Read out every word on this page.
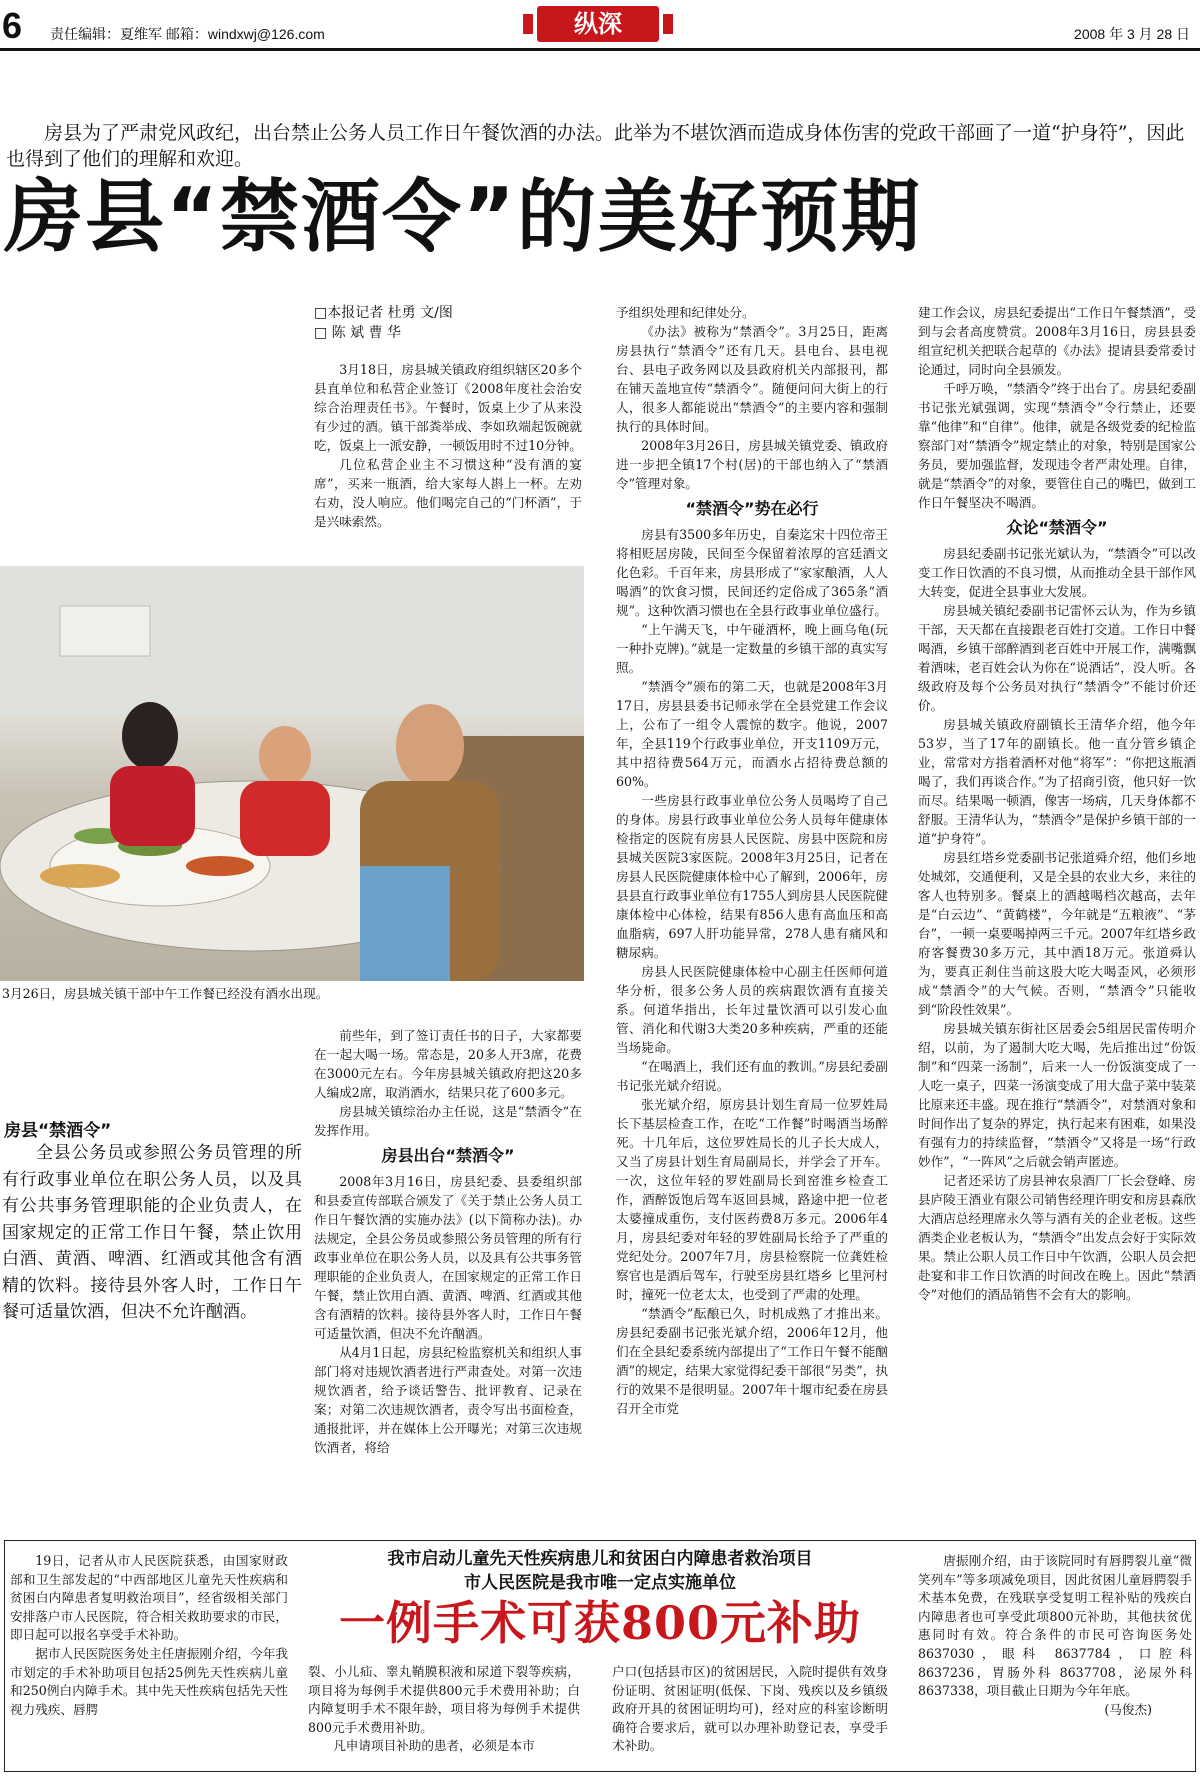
6 责任编辑：夏维军 邮箱：windxwj@126.com	纵深	2008 年 3 月 28 日
房县为了严肃党风政纪，出台禁止公务人员工作日午餐饮酒的办法。此举为不堪饮酒而造成身体伤害的党政干部画了一道“护身符”，因此也得到了他们的理解和欢迎。
房县“禁酒令”的美好预期
□本报记者 杜勇 文/图
□ 陈 斌 曹 华

3月18日，房县城关镇政府组织辖区20多个县直单位和私营企业签订《2008年度社会治安综合治理责任书》。午餐时，饭桌上少了从来没有少过的酒。镇干部粪举成、李如玖端起饭碗就吃，饭桌上一派安静，一顿饭用时不过10分钟。

几位私营企业主不习惯这种“没有酒的宴席”，买来一瓶酒，给大家每人斟上一杯。左劝右劝，没人响应。他们喝完自己的“门杯酒”，于是兴味索然。

3月26日，房县城关镇干部中午工作餐已经没有酒水出现。
房县“禁酒令”
全县公务员或参照公务员管理的所有行政事业单位在职公务人员，以及具有公共事务管理职能的企业负责人，在国家规定的正常工作日午餐，禁止饮用白酒、黄酒、啤酒、红酒或其他含有酒精的饮料。接待县外客人时，工作日午餐可适量饮酒，但决不允许酗酒。

前些年，到了签订责任书的日子，大家都要在一起大喝一场。常态是，20多人开3席，花费在3000元左右。今年房县城关镇政府把这20多人编成2席，取消酒水，结果只花了600多元。

房县城关镇综治办主任说，这是“禁酒令”在发挥作用。

房县出台“禁酒令”

2008年3月16日，房县纪委、县委组织部和县委宣传部联合颁发了《关于禁止公务人员工作日午餐饮酒的实施办法》(以下简称办法)。办法规定，全县公务员或参照公务员管理的所有行政事业单位在职公务人员，以及具有公共事务管理职能的企业负责人，在国家规定的正常工作日午餐，禁止饮用白酒、黄酒、啤酒、红酒或其他含有酒精的饮料。接待县外客人时，工作日午餐可适量饮酒，但决不允许酗酒。

从4月1日起，房县纪检监察机关和组织人事部门将对违规饮酒者进行严肃查处。对第一次违规饮酒者，给予谈话警告、批评教育、记录在案；对第二次违规饮酒者，责令写出书面检查，通报批评，并在媒体上公开曝光；对第三次违规饮酒者，将给

予组织处理和纪律处分。

《办法》被称为“禁酒令”。3月25日，距离房县执行“禁酒令”还有几天。县电台、县电视台、县电子政务网以及县政府机关内部报刊，都在铺天盖地宣传“禁酒令”。随便问问大街上的行人，很多人都能说出“禁酒令”的主要内容和强制执行的具体时间。

2008年3月26日，房县城关镇党委、镇政府进一步把全镇17个村(居)的干部也纳入了“禁酒令”管理对象。

“禁酒令”势在必行

房县有3500多年历史，自秦迄宋十四位帝王将相贬居房陵，民间至今保留着浓厚的宫廷酒文化色彩。千百年来，房县形成了“家家酿酒，人人喝酒”的饮食习惯，民间还约定俗成了365条“酒规”。这种饮酒习惯也在全县行政事业单位盛行。

“上午满天飞，中午碰酒杯，晚上画乌龟(玩一种扑克牌)。”就是一定数量的乡镇干部的真实写照。

“禁酒令”颁布的第二天，也就是2008年3月17日，房县县委书记师永学在全县党建工作会议上，公布了一组令人震惊的数字。他说，2007年，全县119个行政事业单位，开支1109万元，其中招待费564万元，而酒水占招待费总额的60%。

一些房县行政事业单位公务人员喝垮了自己的身体。房县行政事业单位公务人员每年健康体检指定的医院有房县人民医院、房县中医院和房县城关医院3家医院。2008年3月25日，记者在房县人民医院健康体检中心了解到，2006年，房县县直行政事业单位有1755人到房县人民医院健康体检中心体检，结果有856人患有高血压和高血脂病，697人肝功能异常，278人患有痛风和糖尿病。

房县人民医院健康体检中心副主任医师何道华分析，很多公务人员的疾病跟饮酒有直接关系。何道华指出，长年过量饮酒可以引发心血管、消化和代谢3大类20多种疾病，严重的还能当场毙命。

“在喝酒上，我们还有血的教训。”房县纪委副书记张光斌介绍说。

张光斌介绍，原房县计划生育局一位罗姓局长下基层检查工作，在吃“工作餐”时喝酒当场醉死。十几年后，这位罗姓局长的儿子长大成人，又当了房县计划生育局副局长，并学会了开车。一次，这位年轻的罗姓副局长到窑淮乡检查工作，酒醉饭饱后驾车返回县城，路途中把一位老太婆撞成重伤，支付医药费8万多元。2006年4月，房县纪委对年轻的罗姓副局长给予了严重的党纪处分。2007年7月，房县检察院一位龚姓检察官也是酒后驾车，行驶至房县红塔乡 匕里河村时，撞死一位老太太，也受到了严肃的处理。

“禁酒令”酝酿已久，时机成熟了才推出来。房县纪委副书记张光斌介绍，2006年12月，他们在全县纪委系统内部提出了“工作日午餐不能酗酒”的规定，结果大家觉得纪委干部很“另类”，执行的效果不是很明显。2007年十堰市纪委在房县召开全市党

建工作会议，房县纪委提出“工作日午餐禁酒”，受到与会者高度赞赏。2008年3月16日，房县县委组宣纪机关把联合起草的《办法》提请县委常委讨论通过，同时向全县颁发。

千呼万唤，“禁酒令”终于出台了。房县纪委副书记张光斌强调，实现“禁酒令”令行禁止，还要靠“他律”和“自律”。他律，就是各级党委的纪检监察部门对“禁酒令”规定禁止的对象，特别是国家公务员，要加强监督，发现违令者严肃处理。自律，就是“禁酒令”的对象，要管住自己的嘴巴，做到工作日午餐坚决不喝酒。

众论“禁酒令”

房县纪委副书记张光斌认为，“禁酒令”可以改变工作日饮酒的不良习惯，从而推动全县干部作风大转变，促进全县事业大发展。

房县城关镇纪委副书记雷怀云认为，作为乡镇干部，天天都在直接跟老百姓打交道。工作日中餐喝酒，乡镇干部醉酒到老百姓中开展工作，满嘴飘着酒味，老百姓会认为你在“说酒话”，没人听。各级政府及每个公务员对执行“禁酒令”不能讨价还价。

房县城关镇政府副镇长王清华介绍，他今年53岁，当了17年的副镇长。他一直分管乡镇企业，常常对方指着酒杯对他“将军”：“你把这瓶酒喝了，我们再谈合作。”为了招商引资，他只好一饮而尽。结果喝一顿酒，像害一场病，几天身体都不舒服。王清华认为，“禁酒令”是保护乡镇干部的一道“护身符”。

房县红塔乡党委副书记张道舜介绍，他们乡地处城郊，交通便利，又是全县的农业大乡，来往的客人也特别多。餐桌上的酒越喝档次越高，去年是“白云边”、“黄鹤楼”，今年就是“五粮液”、“茅台”，一顿一桌要喝掉两三千元。2007年红塔乡政府客餐费30多万元，其中酒18万元。张道舜认为，要真正刹住当前这股大吃大喝歪风，必须形成“禁酒令”的大气候。否则，“禁酒令”只能收到“阶段性效果”。

房县城关镇东街社区居委会5组居民雷传明介绍，以前，为了遏制大吃大喝，先后推出过“份饭制”和“四菜一汤制”，后来一人一份饭演变成了一人吃一桌子，四菜一汤演变成了用大盘子菜中装菜比原来还丰盛。现在推行“禁酒令”，对禁酒对象和时间作出了复杂的界定，执行起来有困难，如果没有强有力的持续监督，“禁酒令”又将是一场“行政妙作”，“一阵风”之后就会销声匿迹。

记者还采访了房县神农泉酒厂厂长会登峰、房县庐陵王酒业有限公司销售经理许明安和房县森欣大酒店总经理席永久等与酒有关的企业老板。这些酒类企业老板认为，“禁酒令”出发点会好于实际效果。禁止公职人员工作日中午饮酒，公职人员会把赴宴和非工作日饮酒的时间改在晚上。因此“禁酒令”对他们的酒品销售不会有大的影响。

我市启动儿童先天性疾病患儿和贫困白内障患者救治项目
市人民医院是我市唯一定点实施单位
一例手术可获800元补助

19日，记者从市人民医院获悉，由国家财政部和卫生部发起的“中西部地区儿童先天性疾病和贫困白内障患者复明救治项目”，经省级相关部门安排落户市人民医院，符合相关救助要求的市民，即日起可以报名享受手术补助。

据市人民医院医务处主任唐振刚介绍，今年我市划定的手术补助项目包括25例先天性疾病儿童和250例白内障手术。其中先天性疾病包括先天性视力残疾、唇腭

裂、小儿疝、睾丸鞘膜积液和尿道下裂等疾病，项目将为每例手术提供800元手术费用补助；白内障复明手术不限年龄，项目将为每例手术提供800元手术费用补助。

凡申请项目补助的患者，必须是本市

户口(包括县市区)的贫困居民，入院时提供有效身份证明、贫困证明(低保、下岗、残疾以及乡镇级政府开具的贫困证明均可)，经对应的科室诊断明确符合要求后，就可以办理补助登记表，享受手术补助。

唐振刚介绍，由于该院同时有唇腭裂儿童“微笑列车”等多项减免项目，因此贫困儿童唇腭裂手术基本免费，在残联享受复明工程补贴的残疾白内障患者也可享受此项800元补助，其他扶贫优惠同时有效。符合条件的市民可咨询医务处8637030，眼科 8637784，口腔科 8637236，胃肠外科 8637708，泌尿外科8637338，项目截止日期为今年年底。

(马俊杰)
